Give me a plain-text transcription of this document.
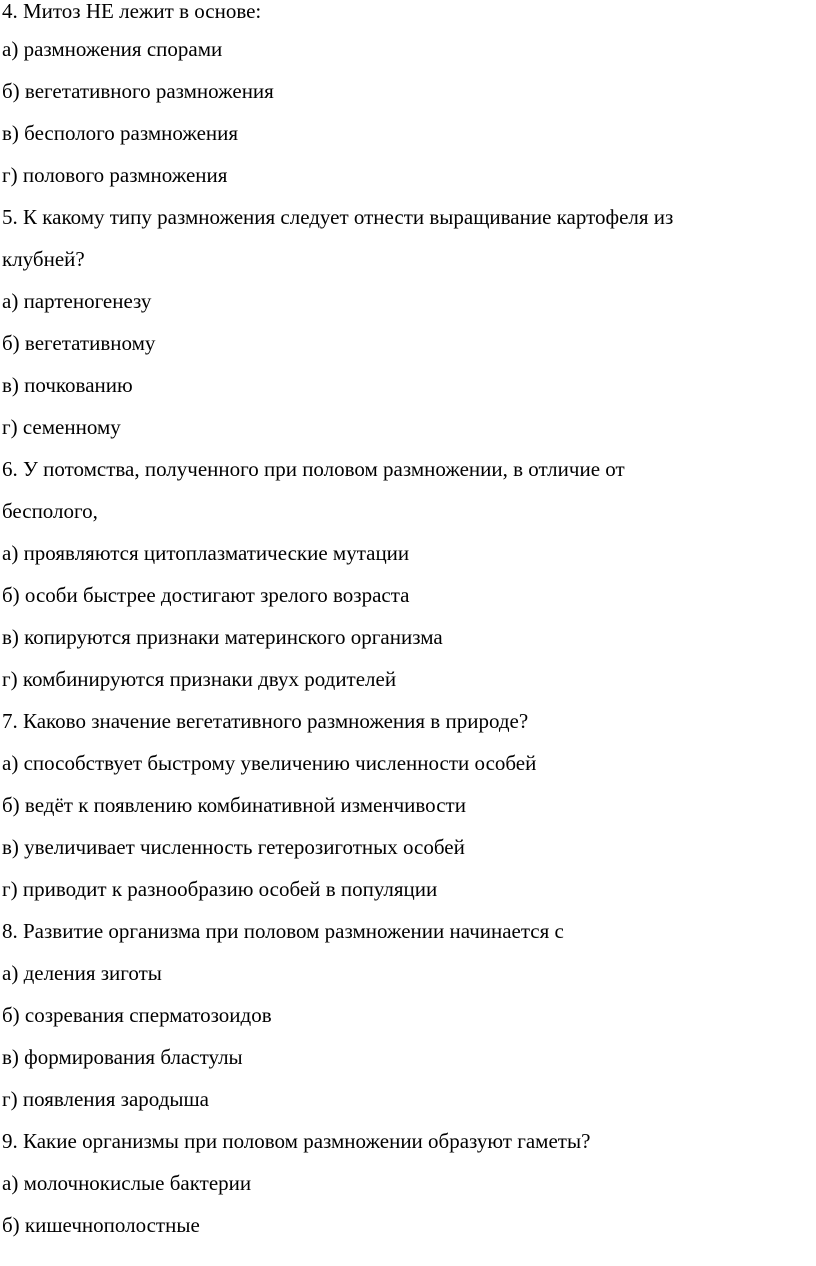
4. Митоз НЕ лежит в основе:
а) размножения спорами
б) вегетативного размножения
в) бесполого размножения
г) полового размножения
5. К какому типу размножения следует отнести выращивание картофеля из
клубней?
а) партеногенезу
б) вегетативному
в) почкованию
г) семенному
6. У потомства, полученного при половом размножении, в отличие от
бесполого,
а) проявляются цитоплазматические мутации
б) особи быстрее достигают зрелого возраста
в) копируются признаки материнского организма
г) комбинируются признаки двух родителей
7. Каково значение вегетативного размножения в природе?
а) способствует быстрому увеличению численности особей
б) ведёт к появлению комбинативной изменчивости
в) увеличивает численность гетерозиготных особей
г) приводит к разнообразию особей в популяции
8. Развитие организма при половом размножении начинается с
а) деления зиготы
б) созревания сперматозоидов
в) формирования бластулы
г) появления зародыша
9. Какие организмы при половом размножении образуют гаметы?
а) молочнокислые бактерии
б) кишечнополостные
